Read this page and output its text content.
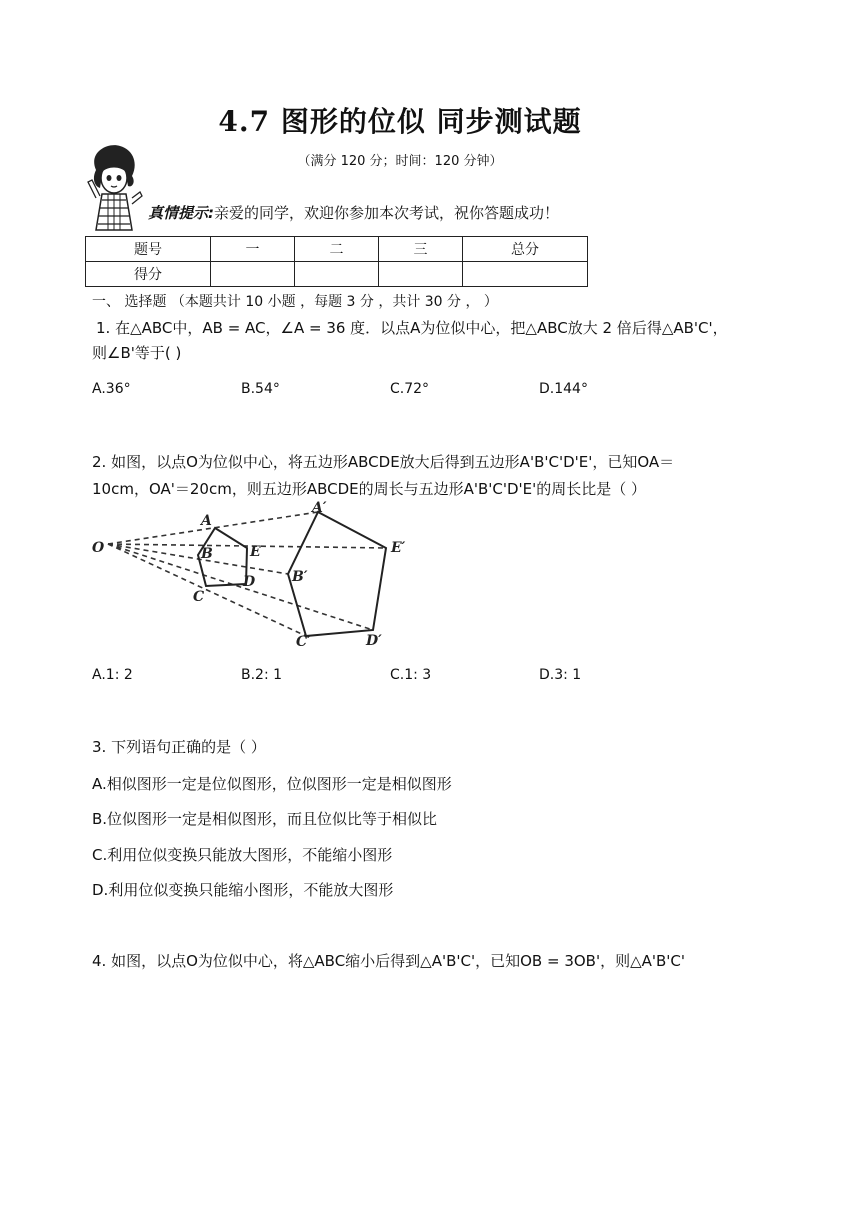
4.7 图形的位似 同步测试题
（满分 120 分；时间：120 分钟）
真情提示:亲爱的同学，欢迎你参加本次考试，祝你答题成功！
题号	一	二	三	总分
得分				
一、 选择题 （本题共计 10 小题 ，每题 3 分 ，共计 30 分 ， ）
1. 在△ABC中，AB = AC，∠A = 36 度．以点A为位似中心，把△ABC放大 2 倍后得△AB'C'，
则∠B'等于( )
A.36°	B.54°	C.72°	D.144°
2. 如图，以点O为位似中心，将五边形ABCDE放大后得到五边形A'B'C'D'E'，已知OA＝
10cm，OA'＝20cm，则五边形ABCDE的周长与五边形A'B'C'D'E'的周长比是（ ）
O
A
B
C
D
E
A′
B′
C′	D′
E′
A.1: 2	B.2: 1	C.1: 3	D.3: 1
3. 下列语句正确的是（ ）
A.相似图形一定是位似图形，位似图形一定是相似图形
B.位似图形一定是相似图形，而且位似比等于相似比
C.利用位似变换只能放大图形，不能缩小图形
D.利用位似变换只能缩小图形，不能放大图形
4. 如图，以点O为位似中心，将△ABC缩小后得到△A'B'C'，已知OB = 3OB'，则△A'B'C'
